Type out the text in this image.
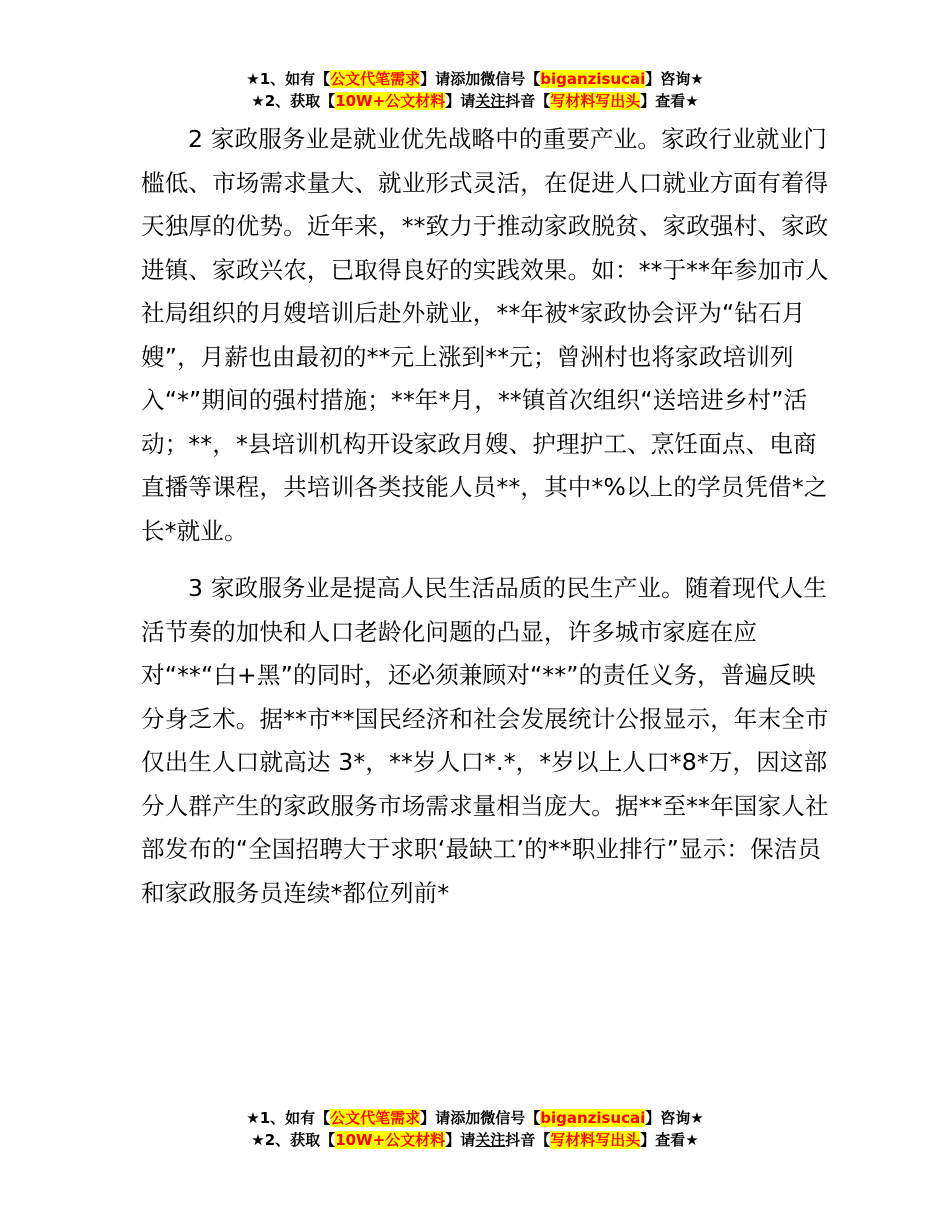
★1、如有【公文代笔需求】请添加微信号【biganzisucai】咨询★
★2、获取【10W+公文材料】请关注抖音【写材料写出头】查看★

2 家政服务业是就业优先战略中的重要产业。家政行业就业门槛低、市场需求量大、就业形式灵活，在促进人口就业方面有着得天独厚的优势。近年来，**致力于推动家政脱贫、家政强村、家政进镇、家政兴农，已取得良好的实践效果。如：**于**年参加市人社局组织的月嫂培训后赴外就业，**年被*家政协会评为“钻石月嫂”，月薪也由最初的**元上涨到**元；曾洲村也将家政培训列入“*”期间的强村措施；**年*月，**镇首次组织“送培进乡村”活动；**，*县培训机构开设家政月嫂、护理护工、烹饪面点、电商直播等课程，共培训各类技能人员**，其中*%以上的学员凭借*之长*就业。

3 家政服务业是提高人民生活品质的民生产业。随着现代人生活节奏的加快和人口老龄化问题的凸显，许多城市家庭在应对“**“白+黑”的同时，还必须兼顾对“**”的责任义务，普遍反映分身乏术。据**市**国民经济和社会发展统计公报显示，年末全市仅出生人口就高达 3*，**岁人口*.*，*岁以上人口*8*万，因这部分人群产生的家政服务市场需求量相当庞大。据**至**年国家人社部发布的“全国招聘大于求职‘最缺工’的**职业排行”显示：保洁员和家政服务员连续*都位列前*

★1、如有【公文代笔需求】请添加微信号【biganzisucai】咨询★
★2、获取【10W+公文材料】请关注抖音【写材料写出头】查看★
